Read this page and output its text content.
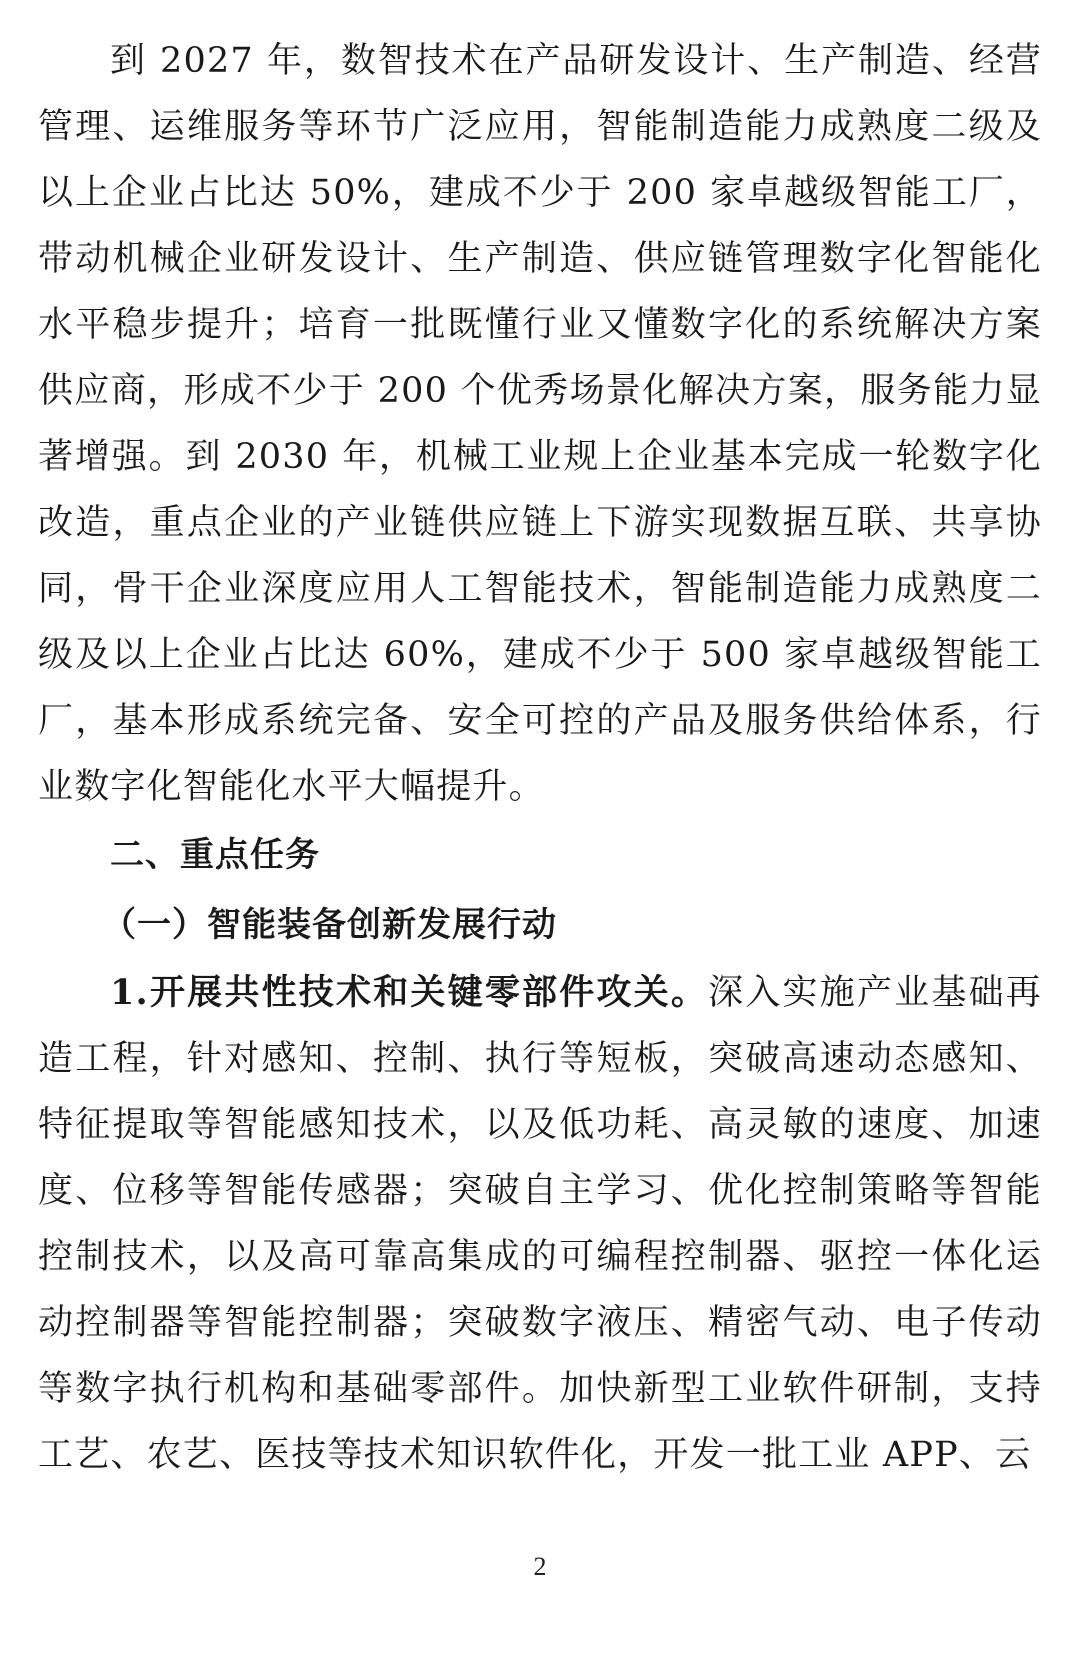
到 2027 年，数智技术在产品研发设计、生产制造、经营管理、运维服务等环节广泛应用，智能制造能力成熟度二级及以上企业占比达 50%，建成不少于 200 家卓越级智能工厂，带动机械企业研发设计、生产制造、供应链管理数字化智能化水平稳步提升；培育一批既懂行业又懂数字化的系统解决方案供应商，形成不少于 200 个优秀场景化解决方案，服务能力显著增强。到 2030 年，机械工业规上企业基本完成一轮数字化改造，重点企业的产业链供应链上下游实现数据互联、共享协同，骨干企业深度应用人工智能技术，智能制造能力成熟度二级及以上企业占比达 60%，建成不少于 500 家卓越级智能工厂，基本形成系统完备、安全可控的产品及服务供给体系，行业数字化智能化水平大幅提升。

二、重点任务
（一）智能装备创新发展行动

1.开展共性技术和关键零部件攻关。深入实施产业基础再造工程，针对感知、控制、执行等短板，突破高速动态感知、特征提取等智能感知技术，以及低功耗、高灵敏的速度、加速度、位移等智能传感器；突破自主学习、优化控制策略等智能控制技术，以及高可靠高集成的可编程控制器、驱控一体化运动控制器等智能控制器；突破数字液压、精密气动、电子传动等数字执行机构和基础零部件。加快新型工业软件研制，支持工艺、农艺、医技等技术知识软件化，开发一批工业 APP、云

2
